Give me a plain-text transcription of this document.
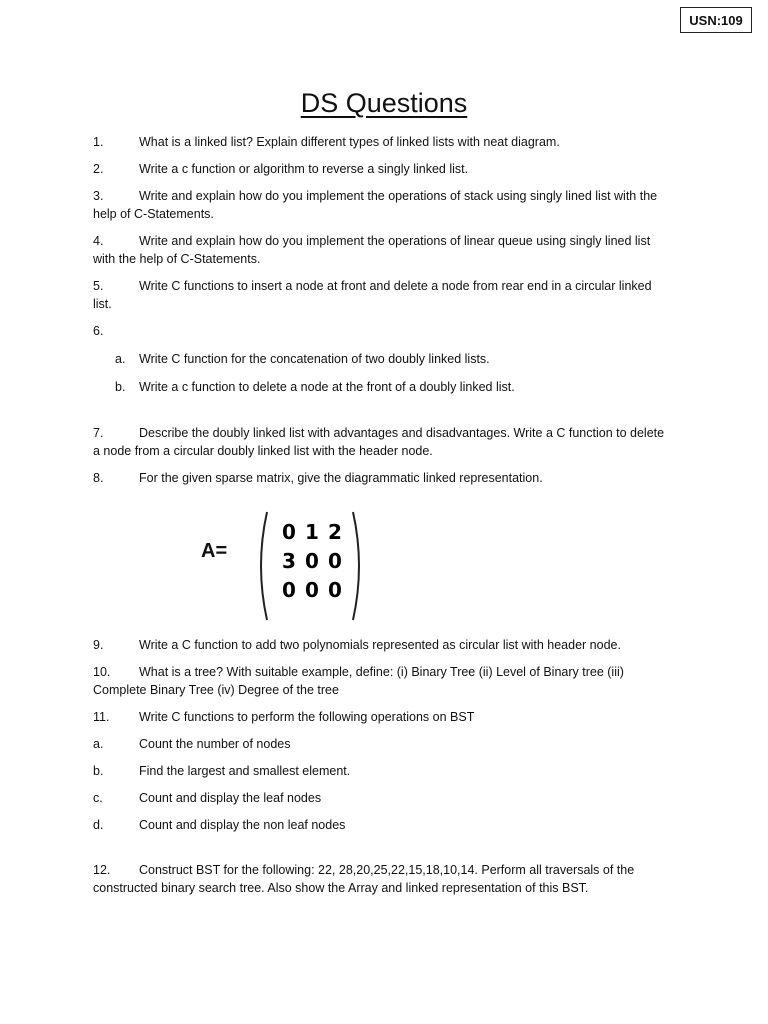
USN:109
DS Questions

1.	What is a linked list? Explain different types of linked lists with neat diagram.

2.	Write a c function or algorithm to reverse a singly linked list.

3.	Write and explain how do you implement the operations of stack using singly lined list with the help of C-Statements.

4.	Write and explain how do you implement the operations of linear queue using singly lined list with the help of C-Statements.

5.	Write C functions to insert a node at front and delete a node from rear end in a circular linked list.

6.

a. Write C function for the concatenation of two doubly linked lists.

b. Write a c function to delete a node at the front of a doubly linked list.

7.	Describe the doubly linked list with advantages and disadvantages. Write a C function to delete a node from a circular doubly linked list with the header node.

8.	For the given sparse matrix, give the diagrammatic linked representation.

A=
0 1 2
3 0 0
0 0 0

9.	Write a C function to add two polynomials represented as circular list with header node.

10. What is a tree? With suitable example, define: (i) Binary Tree (ii) Level of Binary tree (iii) Complete Binary Tree (iv) Degree of the tree

11. Write C functions to perform the following operations on BST

a.	Count the number of nodes

b.	Find the largest and smallest element.

c.	Count and display the leaf nodes

d.	Count and display the non leaf nodes

12. Construct BST for the following: 22, 28,20,25,22,15,18,10,14. Perform all traversals of the constructed binary search tree. Also show the Array and linked representation of this BST.
